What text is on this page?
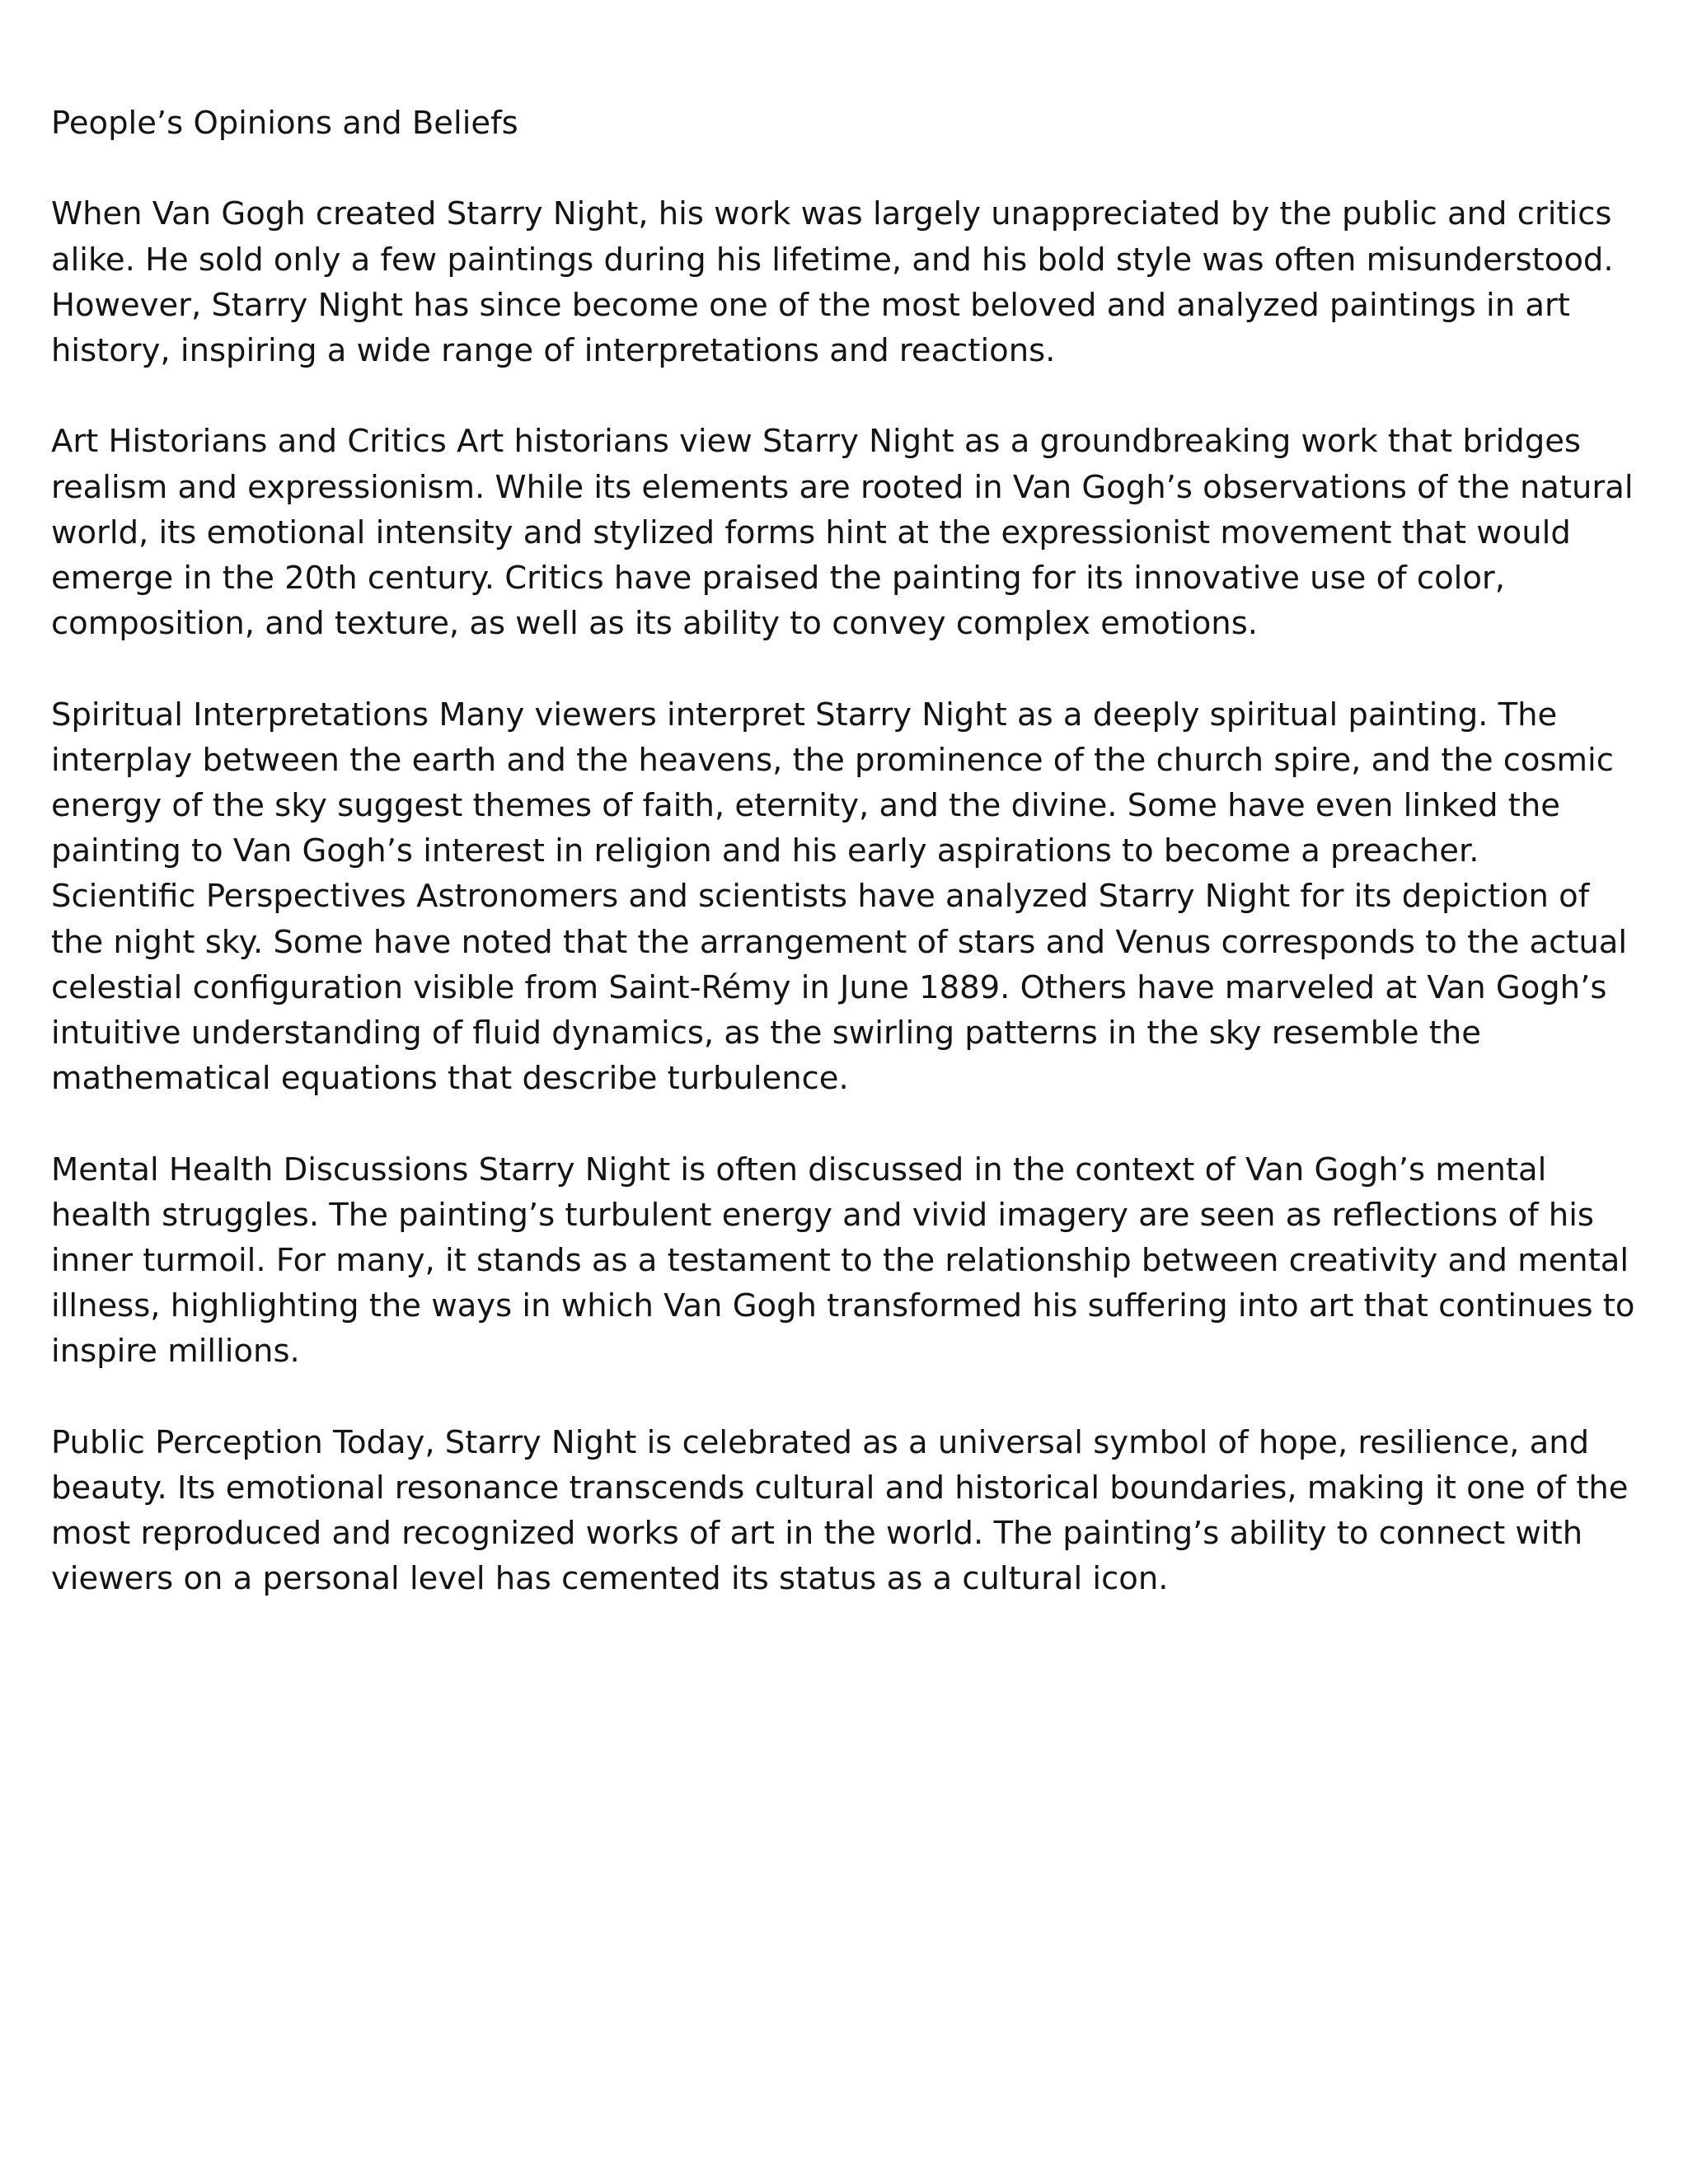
People’s Opinions and Beliefs
When Van Gogh created Starry Night, his work was largely unappreciated by the public and critics
alike. He sold only a few paintings during his lifetime, and his bold style was often misunderstood.
However, Starry Night has since become one of the most beloved and analyzed paintings in art
history, inspiring a wide range of interpretations and reactions.
Art Historians and Critics Art historians view Starry Night as a groundbreaking work that bridges
realism and expressionism. While its elements are rooted in Van Gogh’s observations of the natural
world, its emotional intensity and stylized forms hint at the expressionist movement that would
emerge in the 20th century. Critics have praised the painting for its innovative use of color,
composition, and texture, as well as its ability to convey complex emotions.
Spiritual Interpretations Many viewers interpret Starry Night as a deeply spiritual painting. The
interplay between the earth and the heavens, the prominence of the church spire, and the cosmic
energy of the sky suggest themes of faith, eternity, and the divine. Some have even linked the
painting to Van Gogh’s interest in religion and his early aspirations to become a preacher.
Scientific Perspectives Astronomers and scientists have analyzed Starry Night for its depiction of
the night sky. Some have noted that the arrangement of stars and Venus corresponds to the actual
celestial configuration visible from Saint-Rémy in June 1889. Others have marveled at Van Gogh’s
intuitive understanding of fluid dynamics, as the swirling patterns in the sky resemble the
mathematical equations that describe turbulence.
Mental Health Discussions Starry Night is often discussed in the context of Van Gogh’s mental
health struggles. The painting’s turbulent energy and vivid imagery are seen as reflections of his
inner turmoil. For many, it stands as a testament to the relationship between creativity and mental
illness, highlighting the ways in which Van Gogh transformed his suffering into art that continues to
inspire millions.
Public Perception Today, Starry Night is celebrated as a universal symbol of hope, resilience, and
beauty. Its emotional resonance transcends cultural and historical boundaries, making it one of the
most reproduced and recognized works of art in the world. The painting’s ability to connect with
viewers on a personal level has cemented its status as a cultural icon.
